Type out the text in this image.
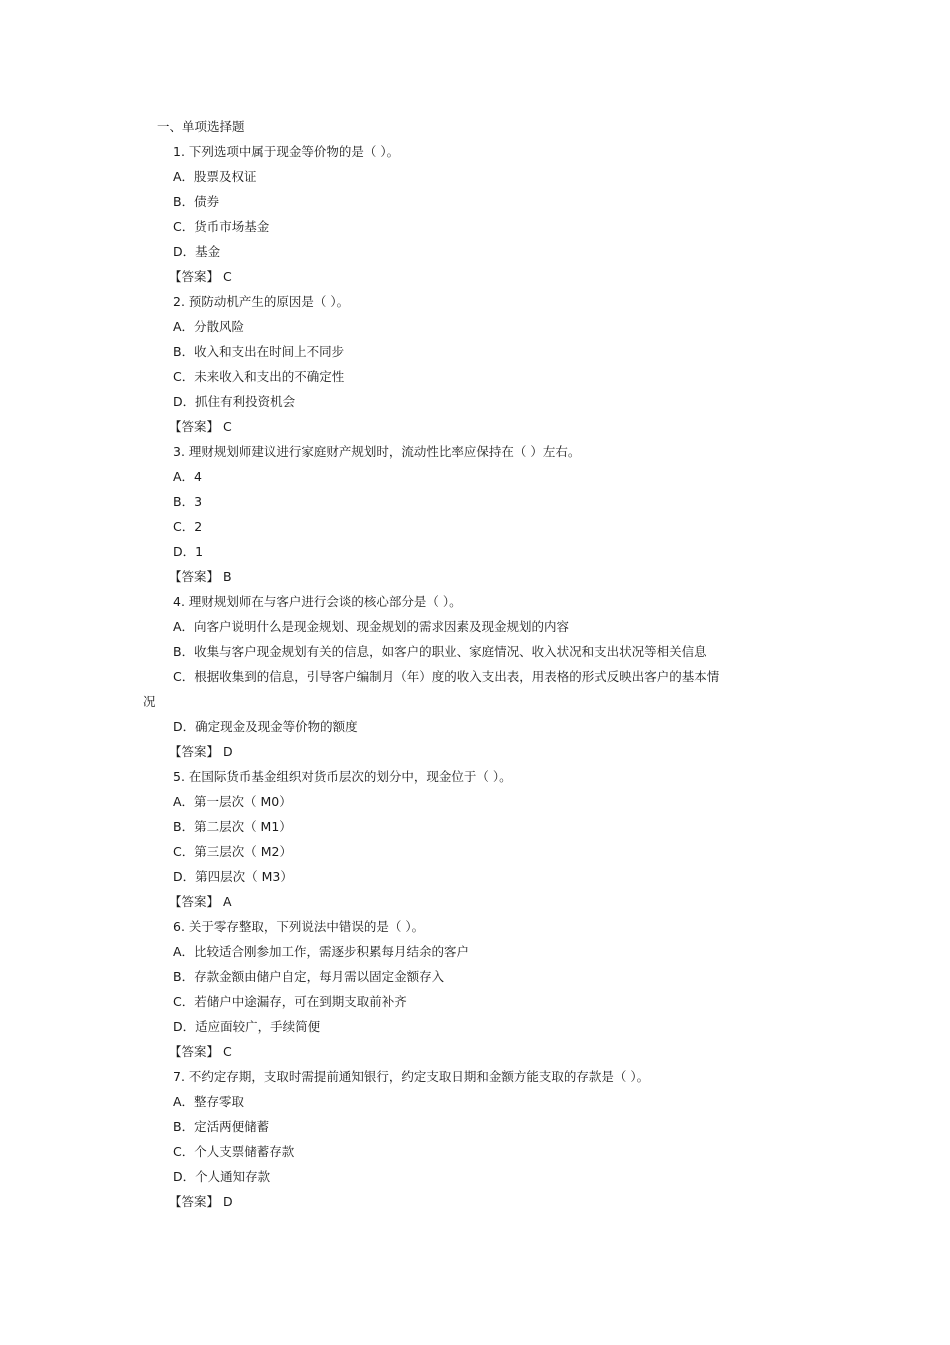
一、单项选择题
1. 下列选项中属于现金等价物的是（ ）。
A．股票及权证
B．债券
C．货币市场基金
D．基金
【答案】 C
2. 预防动机产生的原因是（ ）。
A．分散风险
B．收入和支出在时间上不同步
C．未来收入和支出的不确定性
D．抓住有利投资机会
【答案】 C
3. 理财规划师建议进行家庭财产规划时，流动性比率应保持在（ ）左右。
A．4
B．3
C．2
D．1
【答案】 B
4. 理财规划师在与客户进行会谈的核心部分是（ ）。
A．向客户说明什么是现金规划、现金规划的需求因素及现金规划的内容
B．收集与客户现金规划有关的信息，如客户的职业、家庭情况、收入状况和支出状况等相关信息
C．根据收集到的信息，引导客户编制月（年）度的收入支出表，用表格的形式反映出客户的基本情
况
D．确定现金及现金等价物的额度
【答案】 D
5. 在国际货币基金组织对货币层次的划分中，现金位于（ ）。
A．第一层次（ M0）
B．第二层次（ M1）
C．第三层次（ M2）
D．第四层次（ M3）
【答案】 A
6. 关于零存整取，下列说法中错误的是（ ）。
A．比较适合刚参加工作，需逐步积累每月结余的客户
B．存款金额由储户自定，每月需以固定金额存入
C．若储户中途漏存，可在到期支取前补齐
D．适应面较广，手续简便
【答案】 C
7. 不约定存期，支取时需提前通知银行，约定支取日期和金额方能支取的存款是（ ）。
A．整存零取
B．定活两便储蓄
C．个人支票储蓄存款
D．个人通知存款
【答案】 D
